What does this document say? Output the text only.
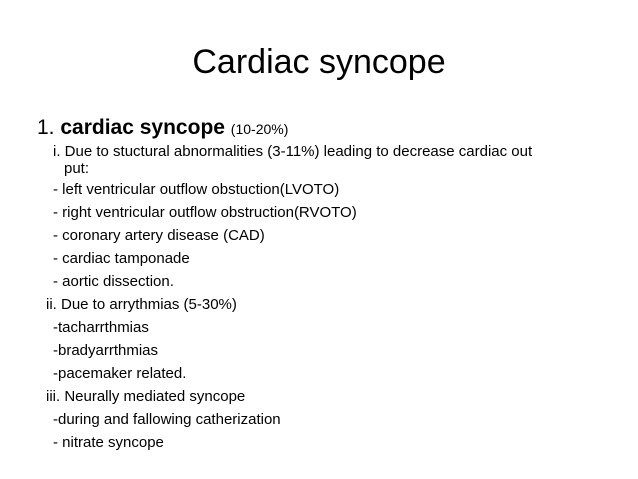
Cardiac syncope
1. cardiac syncope (10-20%)
i. Due to stuctural abnormalities (3-11%) leading to decrease cardiac out
put:
- left ventricular outflow obstuction(LVOTO)
- right ventricular outflow obstruction(RVOTO)
- coronary artery disease (CAD)
- cardiac tamponade
- aortic dissection.
ii. Due to arrythmias (5-30%)
-tacharrthmias
-bradyarrthmias
-pacemaker related.
iii. Neurally mediated syncope
-during and fallowing catherization
- nitrate syncope
